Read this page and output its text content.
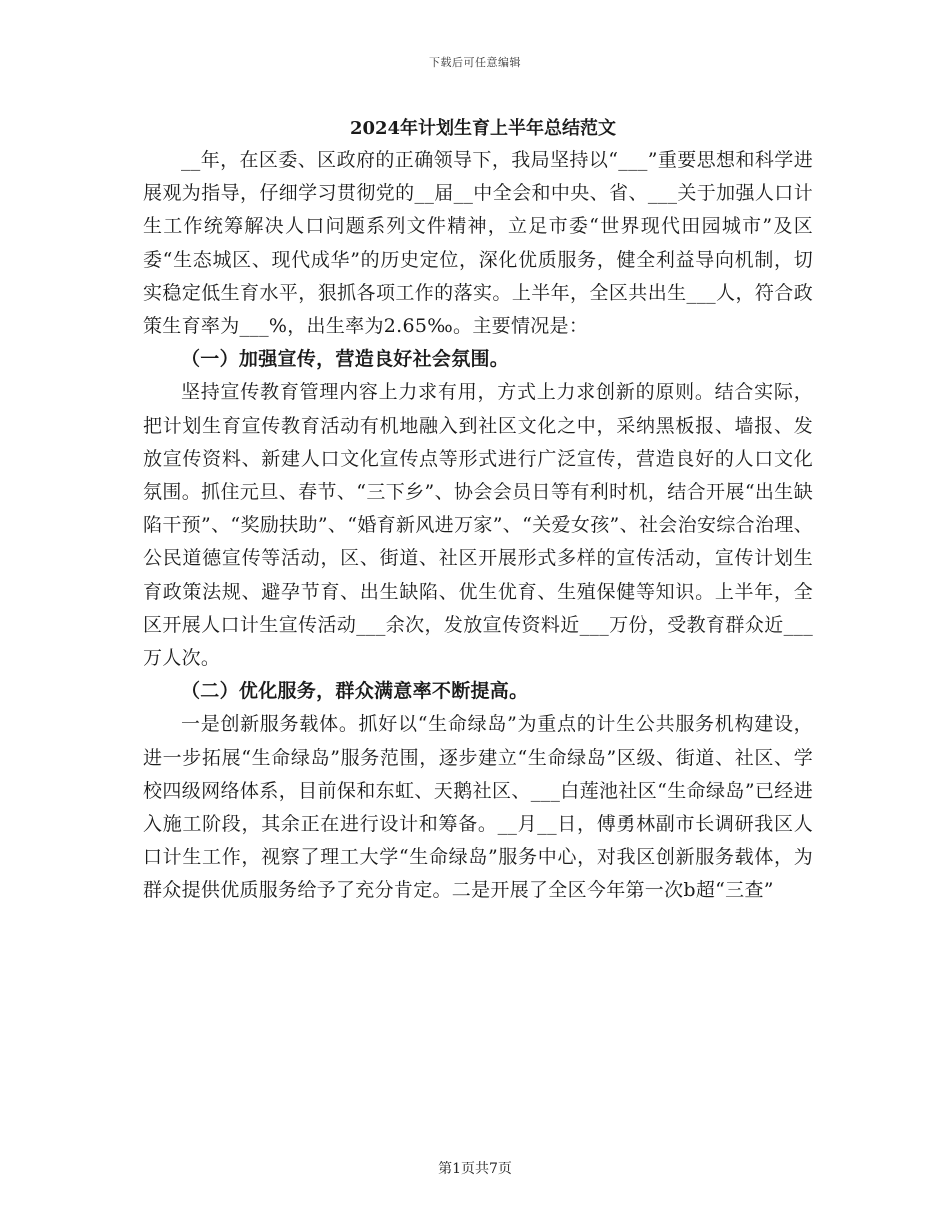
下载后可任意编辑
2024年计划生育上半年总结范文

__年，在区委、区政府的正确领导下，我局坚持以“___”重要思想和科学进展观为指导，仔细学习贯彻党的__届__中全会和中央、省、___关于加强人口计生工作统筹解决人口问题系列文件精神，立足市委“世界现代田园城市”及区委“生态城区、现代成华”的历史定位，深化优质服务，健全利益导向机制，切实稳定低生育水平，狠抓各项工作的落实。上半年，全区共出生___人，符合政策生育率为___%，出生率为2.65‰。主要情况是：

（一）加强宣传，营造良好社会氛围。

坚持宣传教育管理内容上力求有用，方式上力求创新的原则。结合实际，把计划生育宣传教育活动有机地融入到社区文化之中，采纳黑板报、墙报、发放宣传资料、新建人口文化宣传点等形式进行广泛宣传，营造良好的人口文化氛围。抓住元旦、春节、“三下乡”、协会会员日等有利时机，结合开展“出生缺陷干预”、“奖励扶助”、“婚育新风进万家”、“关爱女孩”、社会治安综合治理、公民道德宣传等活动，区、街道、社区开展形式多样的宣传活动，宣传计划生育政策法规、避孕节育、出生缺陷、优生优育、生殖保健等知识。上半年，全区开展人口计生宣传活动___余次，发放宣传资料近___万份，受教育群众近___万人次。

（二）优化服务，群众满意率不断提高。

一是创新服务载体。抓好以“生命绿岛”为重点的计生公共服务机构建设，进一步拓展“生命绿岛”服务范围，逐步建立“生命绿岛”区级、街道、社区、学校四级网络体系，目前保和东虹、天鹅社区、___白莲池社区“生命绿岛”已经进入施工阶段，其余正在进行设计和筹备。__月__日，傅勇林副市长调研我区人口计生工作，视察了理工大学“生命绿岛”服务中心，对我区创新服务载体，为群众提供优质服务给予了充分肯定。二是开展了全区今年第一次b超“三查”

第1页共7页
